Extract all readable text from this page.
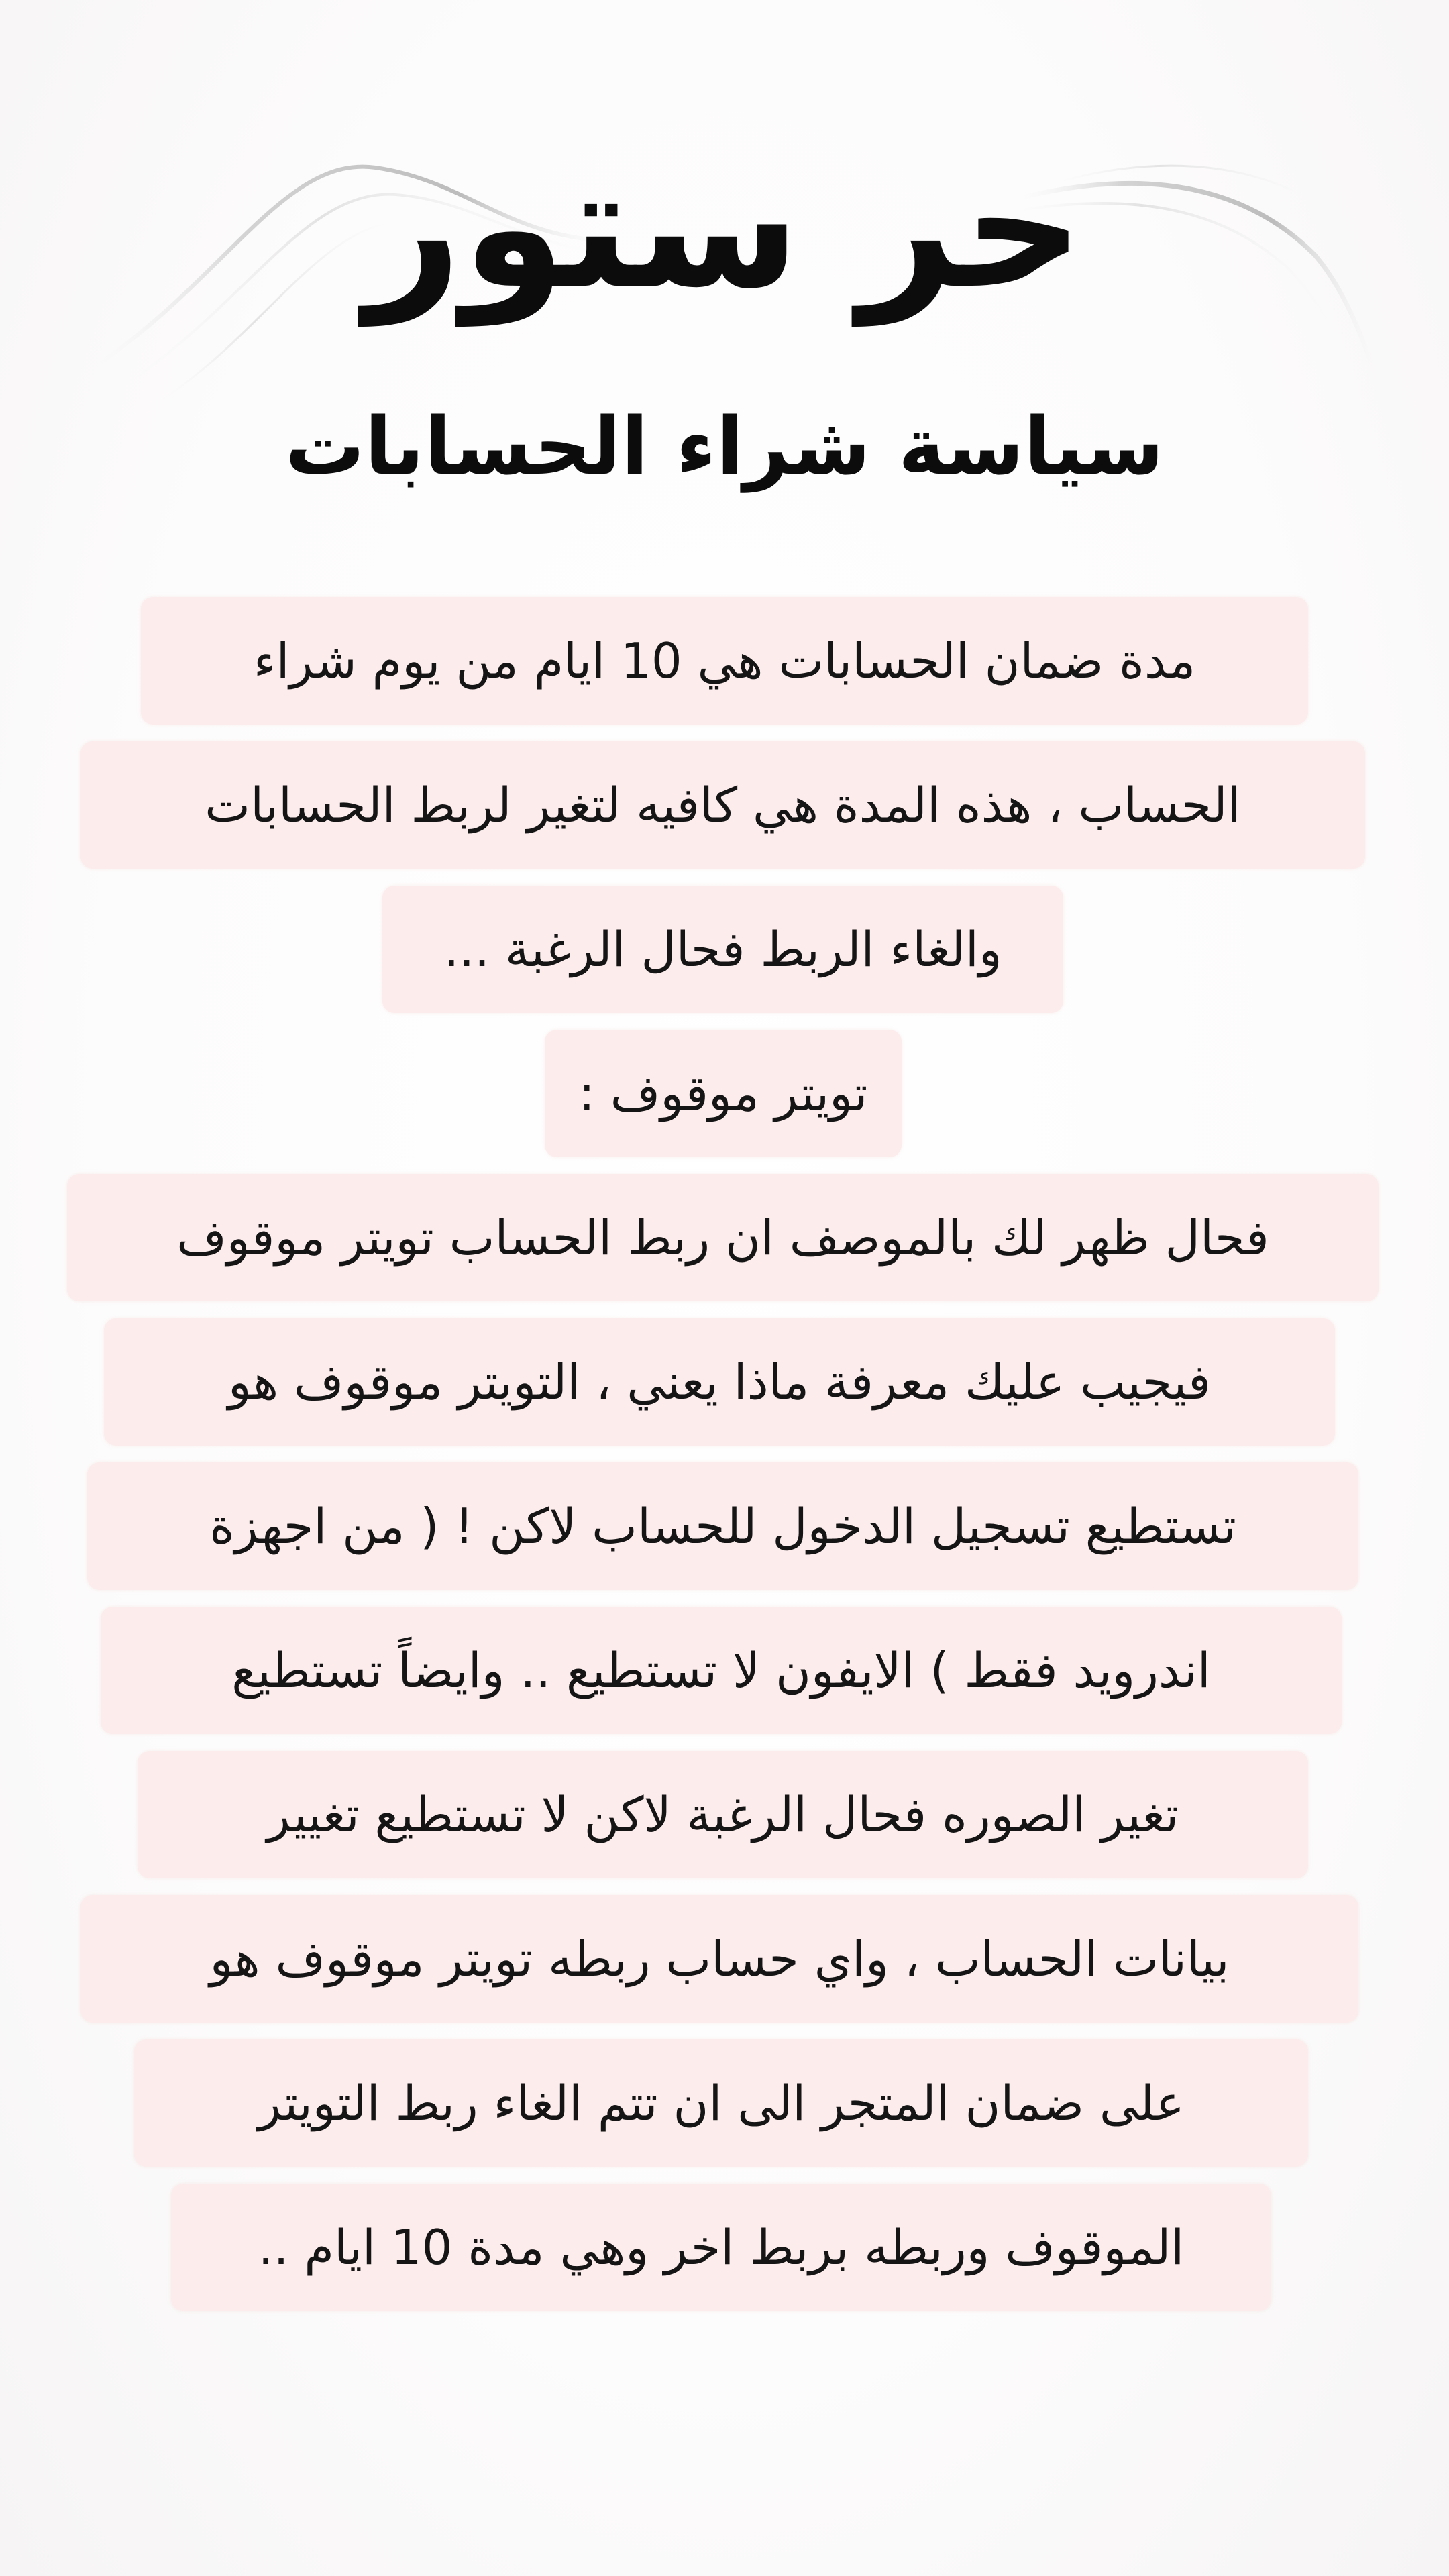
حر ستور
سياسة شراء الحسابات
مدة ضمان الحسابات هي 10 ايام من يوم شراء
الحساب ، هذه المدة هي كافيه لتغير لربط الحسابات
والغاء الربط فحال الرغبة ...
تويتر موقوف :
فحال ظهر لك بالموصف ان ربط الحساب تويتر موقوف
فيجيب عليك معرفة ماذا يعني ، التويتر موقوف هو
تستطيع تسجيل الدخول للحساب لاكن ! ( من اجهزة
اندرويد فقط ) الايفون لا تستطيع .. وايضاً تستطيع
تغير الصوره فحال الرغبة لاكن لا تستطيع تغيير
بيانات الحساب ، واي حساب ربطه تويتر موقوف هو
على ضمان المتجر الى ان تتم الغاء ربط التويتر
الموقوف وربطه بربط اخر وهي مدة 10 ايام ..
